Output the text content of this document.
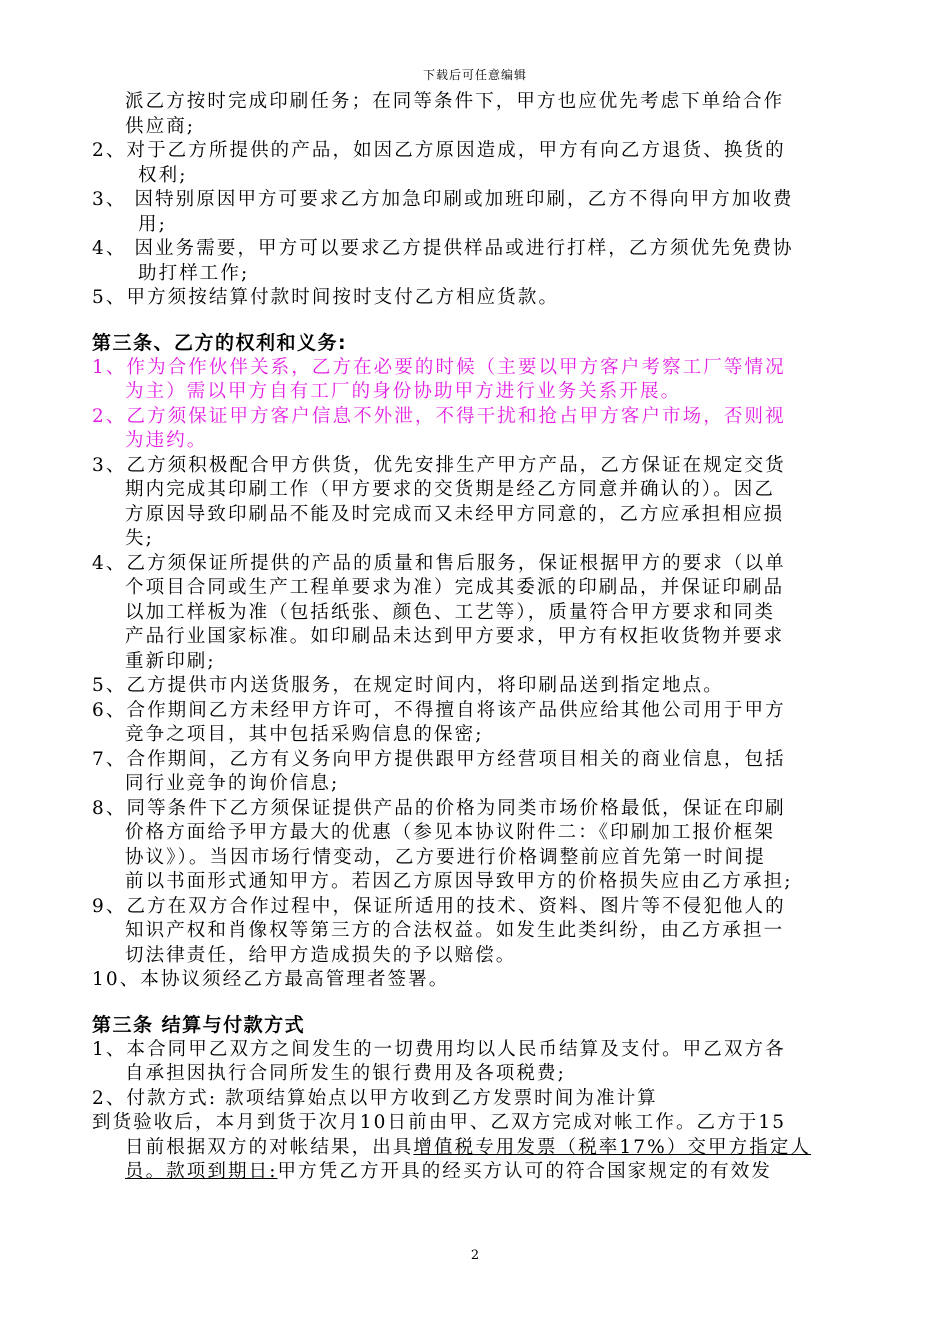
下载后可任意编辑
派乙方按时完成印刷任务；在同等条件下，甲方也应优先考虑下单给合作
供应商;
2、对于乙方所提供的产品，如因乙方原因造成，甲方有向乙方退货、换货的
权利;
3、 因特别原因甲方可要求乙方加急印刷或加班印刷，乙方不得向甲方加收费
用;
4、 因业务需要，甲方可以要求乙方提供样品或进行打样，乙方须优先免费协
助打样工作;
5、甲方须按结算付款时间按时支付乙方相应货款。
第三条、乙方的权利和义务:
1、作为合作伙伴关系，乙方在必要的时候（主要以甲方客户考察工厂等情况
为主）需以甲方自有工厂的身份协助甲方进行业务关系开展。
2、乙方须保证甲方客户信息不外泄，不得干扰和抢占甲方客户市场，否则视
为违约。
3、乙方须积极配合甲方供货，优先安排生产甲方产品，乙方保证在规定交货
期内完成其印刷工作（甲方要求的交货期是经乙方同意并确认的）。因乙
方原因导致印刷品不能及时完成而又未经甲方同意的，乙方应承担相应损
失;
4、乙方须保证所提供的产品的质量和售后服务，保证根据甲方的要求（以单
个项目合同或生产工程单要求为准）完成其委派的印刷品，并保证印刷品
以加工样板为准（包括纸张、颜色、工艺等），质量符合甲方要求和同类
产品行业国家标准。如印刷品未达到甲方要求，甲方有权拒收货物并要求
重新印刷;
5、乙方提供市内送货服务，在规定时间内，将印刷品送到指定地点。
6、合作期间乙方未经甲方许可，不得擅自将该产品供应给其他公司用于甲方
竞争之项目，其中包括采购信息的保密;
7、合作期间，乙方有义务向甲方提供跟甲方经营项目相关的商业信息，包括
同行业竞争的询价信息;
8、同等条件下乙方须保证提供产品的价格为同类市场价格最低，保证在印刷
价格方面给予甲方最大的优惠（参见本协议附件二：《印刷加工报价框架
协议》）。当因市场行情变动，乙方要进行价格调整前应首先第一时间提
前以书面形式通知甲方。若因乙方原因导致甲方的价格损失应由乙方承担;
9、乙方在双方合作过程中，保证所适用的技术、资料、图片等不侵犯他人的
知识产权和肖像权等第三方的合法权益。如发生此类纠纷，由乙方承担一
切法律责任，给甲方造成损失的予以赔偿。
10、本协议须经乙方最高管理者签署。
第三条 结算与付款方式
1、本合同甲乙双方之间发生的一切费用均以人民币结算及支付。甲乙双方各
自承担因执行合同所发生的银行费用及各项税费;
2、付款方式: 款项结算始点以甲方收到乙方发票时间为准计算
到货验收后，本月到货于次月10日前由甲、乙双方完成对帐工作。乙方于15
日前根据双方的对帐结果，出具增值税专用发票（税率17%）交甲方指定人
员。款项到期日:甲方凭乙方开具的经买方认可的符合国家规定的有效发
2
